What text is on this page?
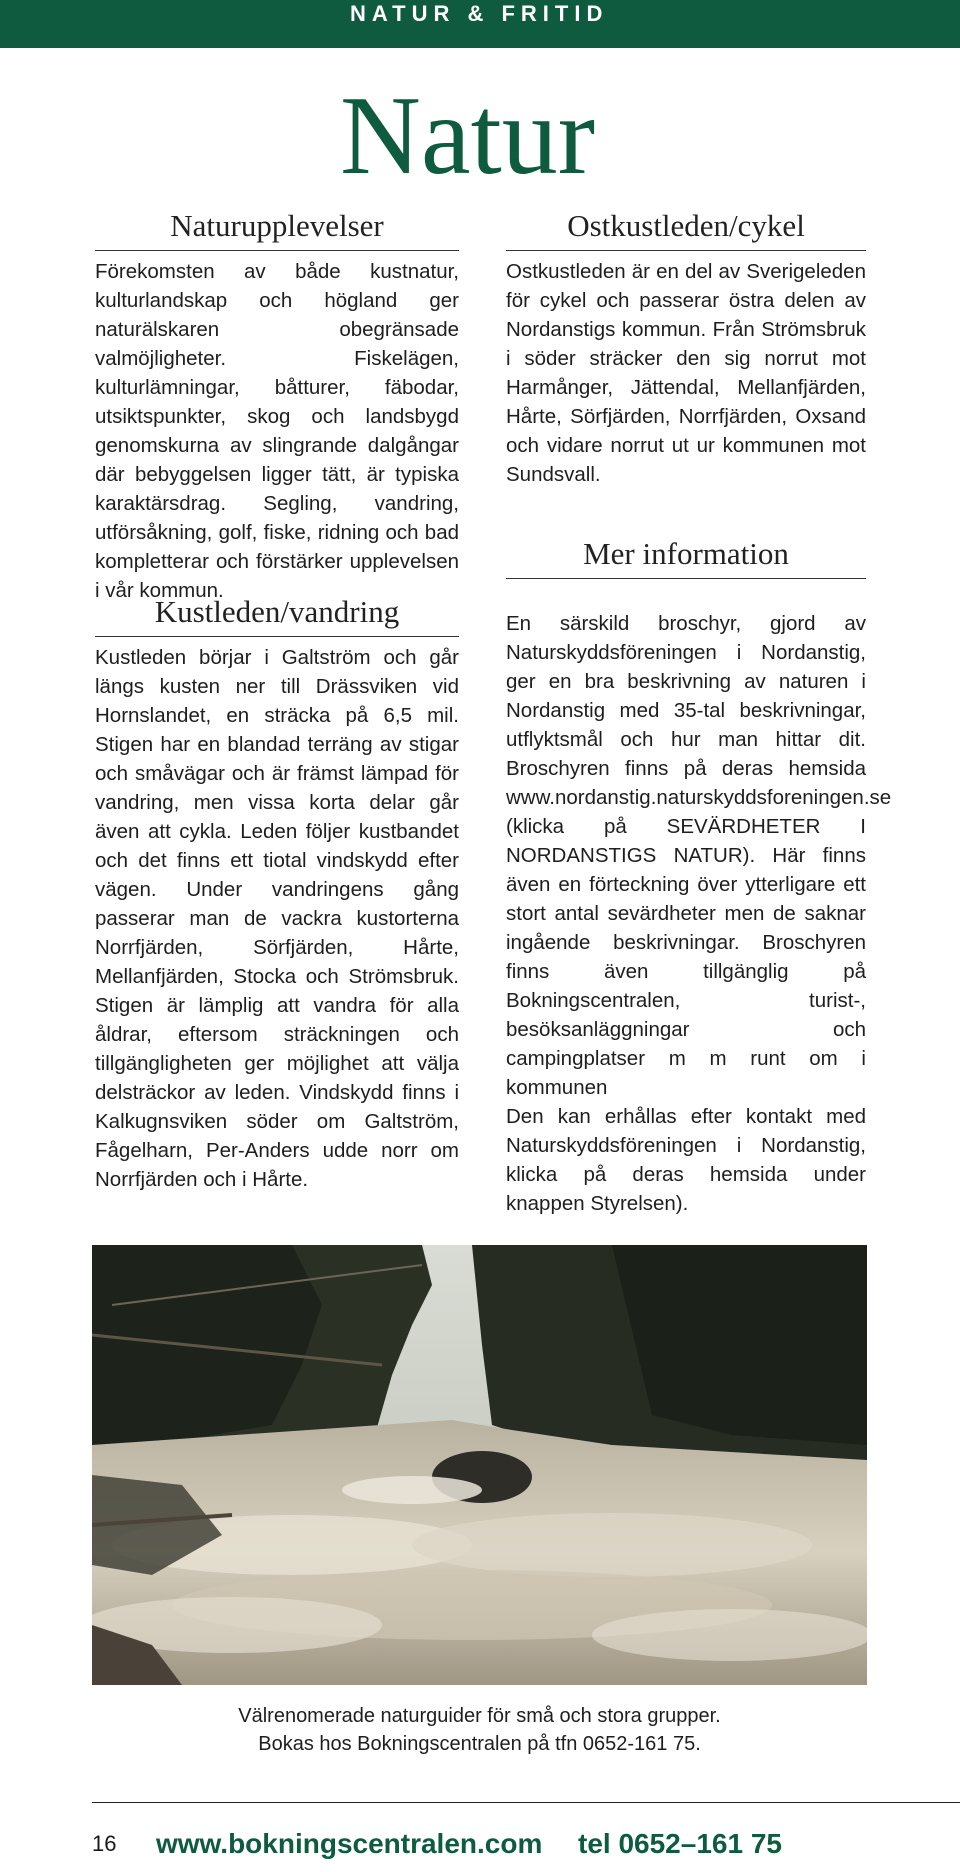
NATUR & FRITID
Natur
Naturupplevelser

Förekomsten av både kustnatur, kulturlandskap och högland ger naturälskaren obegränsade valmöjligheter. Fiskelägen, kulturlämningar, båtturer, fäbodar, utsiktspunkter, skog och landsbygd genomskurna av slingrande dalgångar där bebyggelsen ligger tätt, är typiska karaktärsdrag. Segling, vandring, utförsåkning, golf, fiske, ridning och bad kompletterar och förstärker upplevelsen i vår kommun.

Kustleden/vandring

Kustleden börjar i Galtström och går längs kusten ner till Drässviken vid Hornslandet, en sträcka på 6,5 mil. Stigen har en blandad terräng av stigar och småvägar och är främst lämpad för vandring, men vissa korta delar går även att cykla. Leden följer kustbandet och det finns ett tiotal vindskydd efter vägen. Under vandringens gång passerar man de vackra kustorterna Norrfjärden, Sörfjärden, Hårte, Mellanfjärden, Stocka och Strömsbruk. Stigen är lämplig att vandra för alla åldrar, eftersom sträckningen och tillgängligheten ger möjlighet att välja delsträckor av leden. Vindskydd finns i Kalkugnsviken söder om Galtström, Fågelharn, Per-Anders udde norr om Norrfjärden och i Hårte.

Ostkustleden/cykel

Ostkustleden är en del av Sverigeleden för cykel och passerar östra delen av Nordanstigs kommun. Från Strömsbruk i söder sträcker den sig norrut mot Harmånger, Jättendal, Mellanfjärden, Hårte, Sörfjärden, Norrfjärden, Oxsand och vidare norrut ut ur kommunen mot Sundsvall.

Mer information

En särskild broschyr, gjord av Naturskyddsföreningen i Nordanstig, ger en bra beskrivning av naturen i Nordanstig med 35-tal beskrivningar, utflyktsmål och hur man hittar dit. Broschyren finns på deras hemsida www.nordanstig.naturskyddsforeningen.se (klicka på SEVÄRDHETER I NORDANSTIGS NATUR). Här finns även en förteckning över ytterligare ett stort antal sevärdheter men de saknar ingående beskrivningar. Broschyren finns även tillgänglig på Bokningscentralen, turist-, besöksanläggningar och campingplatser m m runt om i kommunen
Den kan erhållas efter kontakt med Naturskyddsföreningen i Nordanstig, klicka på deras hemsida under knappen Styrelsen).

Välrenomerade naturguider för små och stora grupper.
Bokas hos Bokningscentralen på tfn 0652-161 75.
16 www.bokningscentralen.com tel 0652–161 75
